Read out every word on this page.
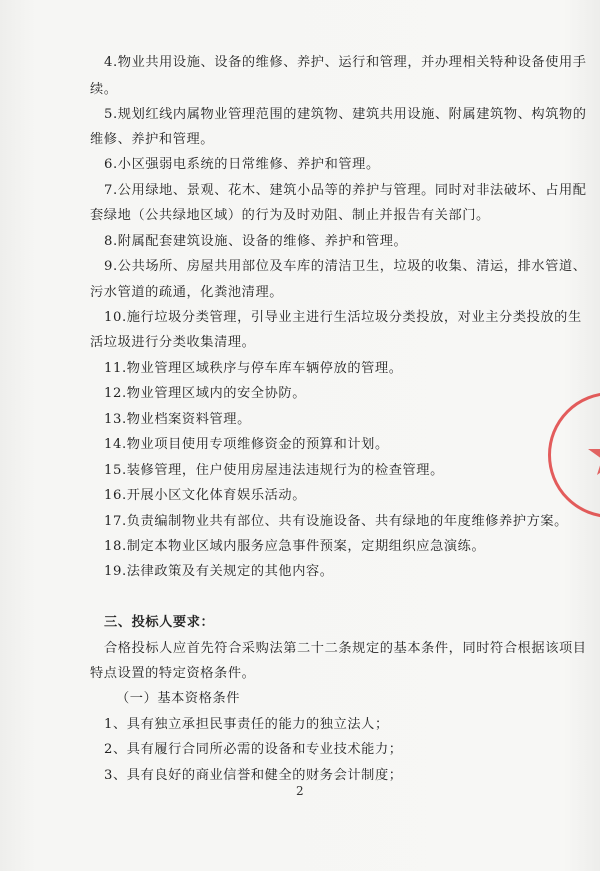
4.物业共用设施、设备的维修、养护、运行和管理，并办理相关特种设备使用手
续。
5.规划红线内属物业管理范围的建筑物、建筑共用设施、附属建筑物、构筑物的
维修、养护和管理。
6.小区强弱电系统的日常维修、养护和管理。
7.公用绿地、景观、花木、建筑小品等的养护与管理。同时对非法破坏、占用配
套绿地（公共绿地区域）的行为及时劝阻、制止并报告有关部门。
8.附属配套建筑设施、设备的维修、养护和管理。
9.公共场所、房屋共用部位及车库的清洁卫生，垃圾的收集、清运，排水管道、
污水管道的疏通，化粪池清理。
10.施行垃圾分类管理，引导业主进行生活垃圾分类投放，对业主分类投放的生
活垃圾进行分类收集清理。
11.物业管理区域秩序与停车库车辆停放的管理。
12.物业管理区域内的安全协防。
13.物业档案资料管理。
14.物业项目使用专项维修资金的预算和计划。
15.装修管理，住户使用房屋违法违规行为的检查管理。
16.开展小区文化体育娱乐活动。
17.负责编制物业共有部位、共有设施设备、共有绿地的年度维修养护方案。
18.制定本物业区域内服务应急事件预案，定期组织应急演练。
19.法律政策及有关规定的其他内容。
三、投标人要求：
合格投标人应首先符合采购法第二十二条规定的基本条件，同时符合根据该项目
特点设置的特定资格条件。
（一）基本资格条件
1、具有独立承担民事责任的能力的独立法人；
2、具有履行合同所必需的设备和专业技术能力；
3、具有良好的商业信誉和健全的财务会计制度；
2
